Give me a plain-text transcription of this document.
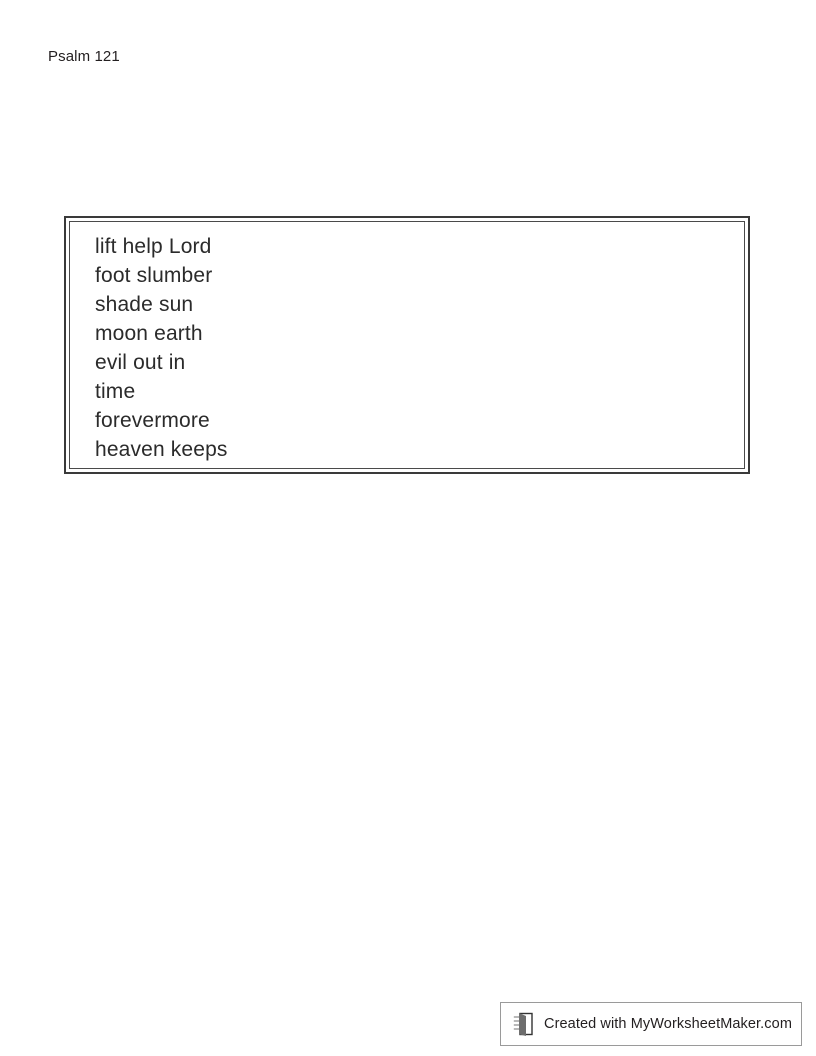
Psalm 121
lift help Lord
foot slumber
shade sun
moon earth
evil out in
time
forevermore
heaven keeps
Created with MyWorksheetMaker.com
